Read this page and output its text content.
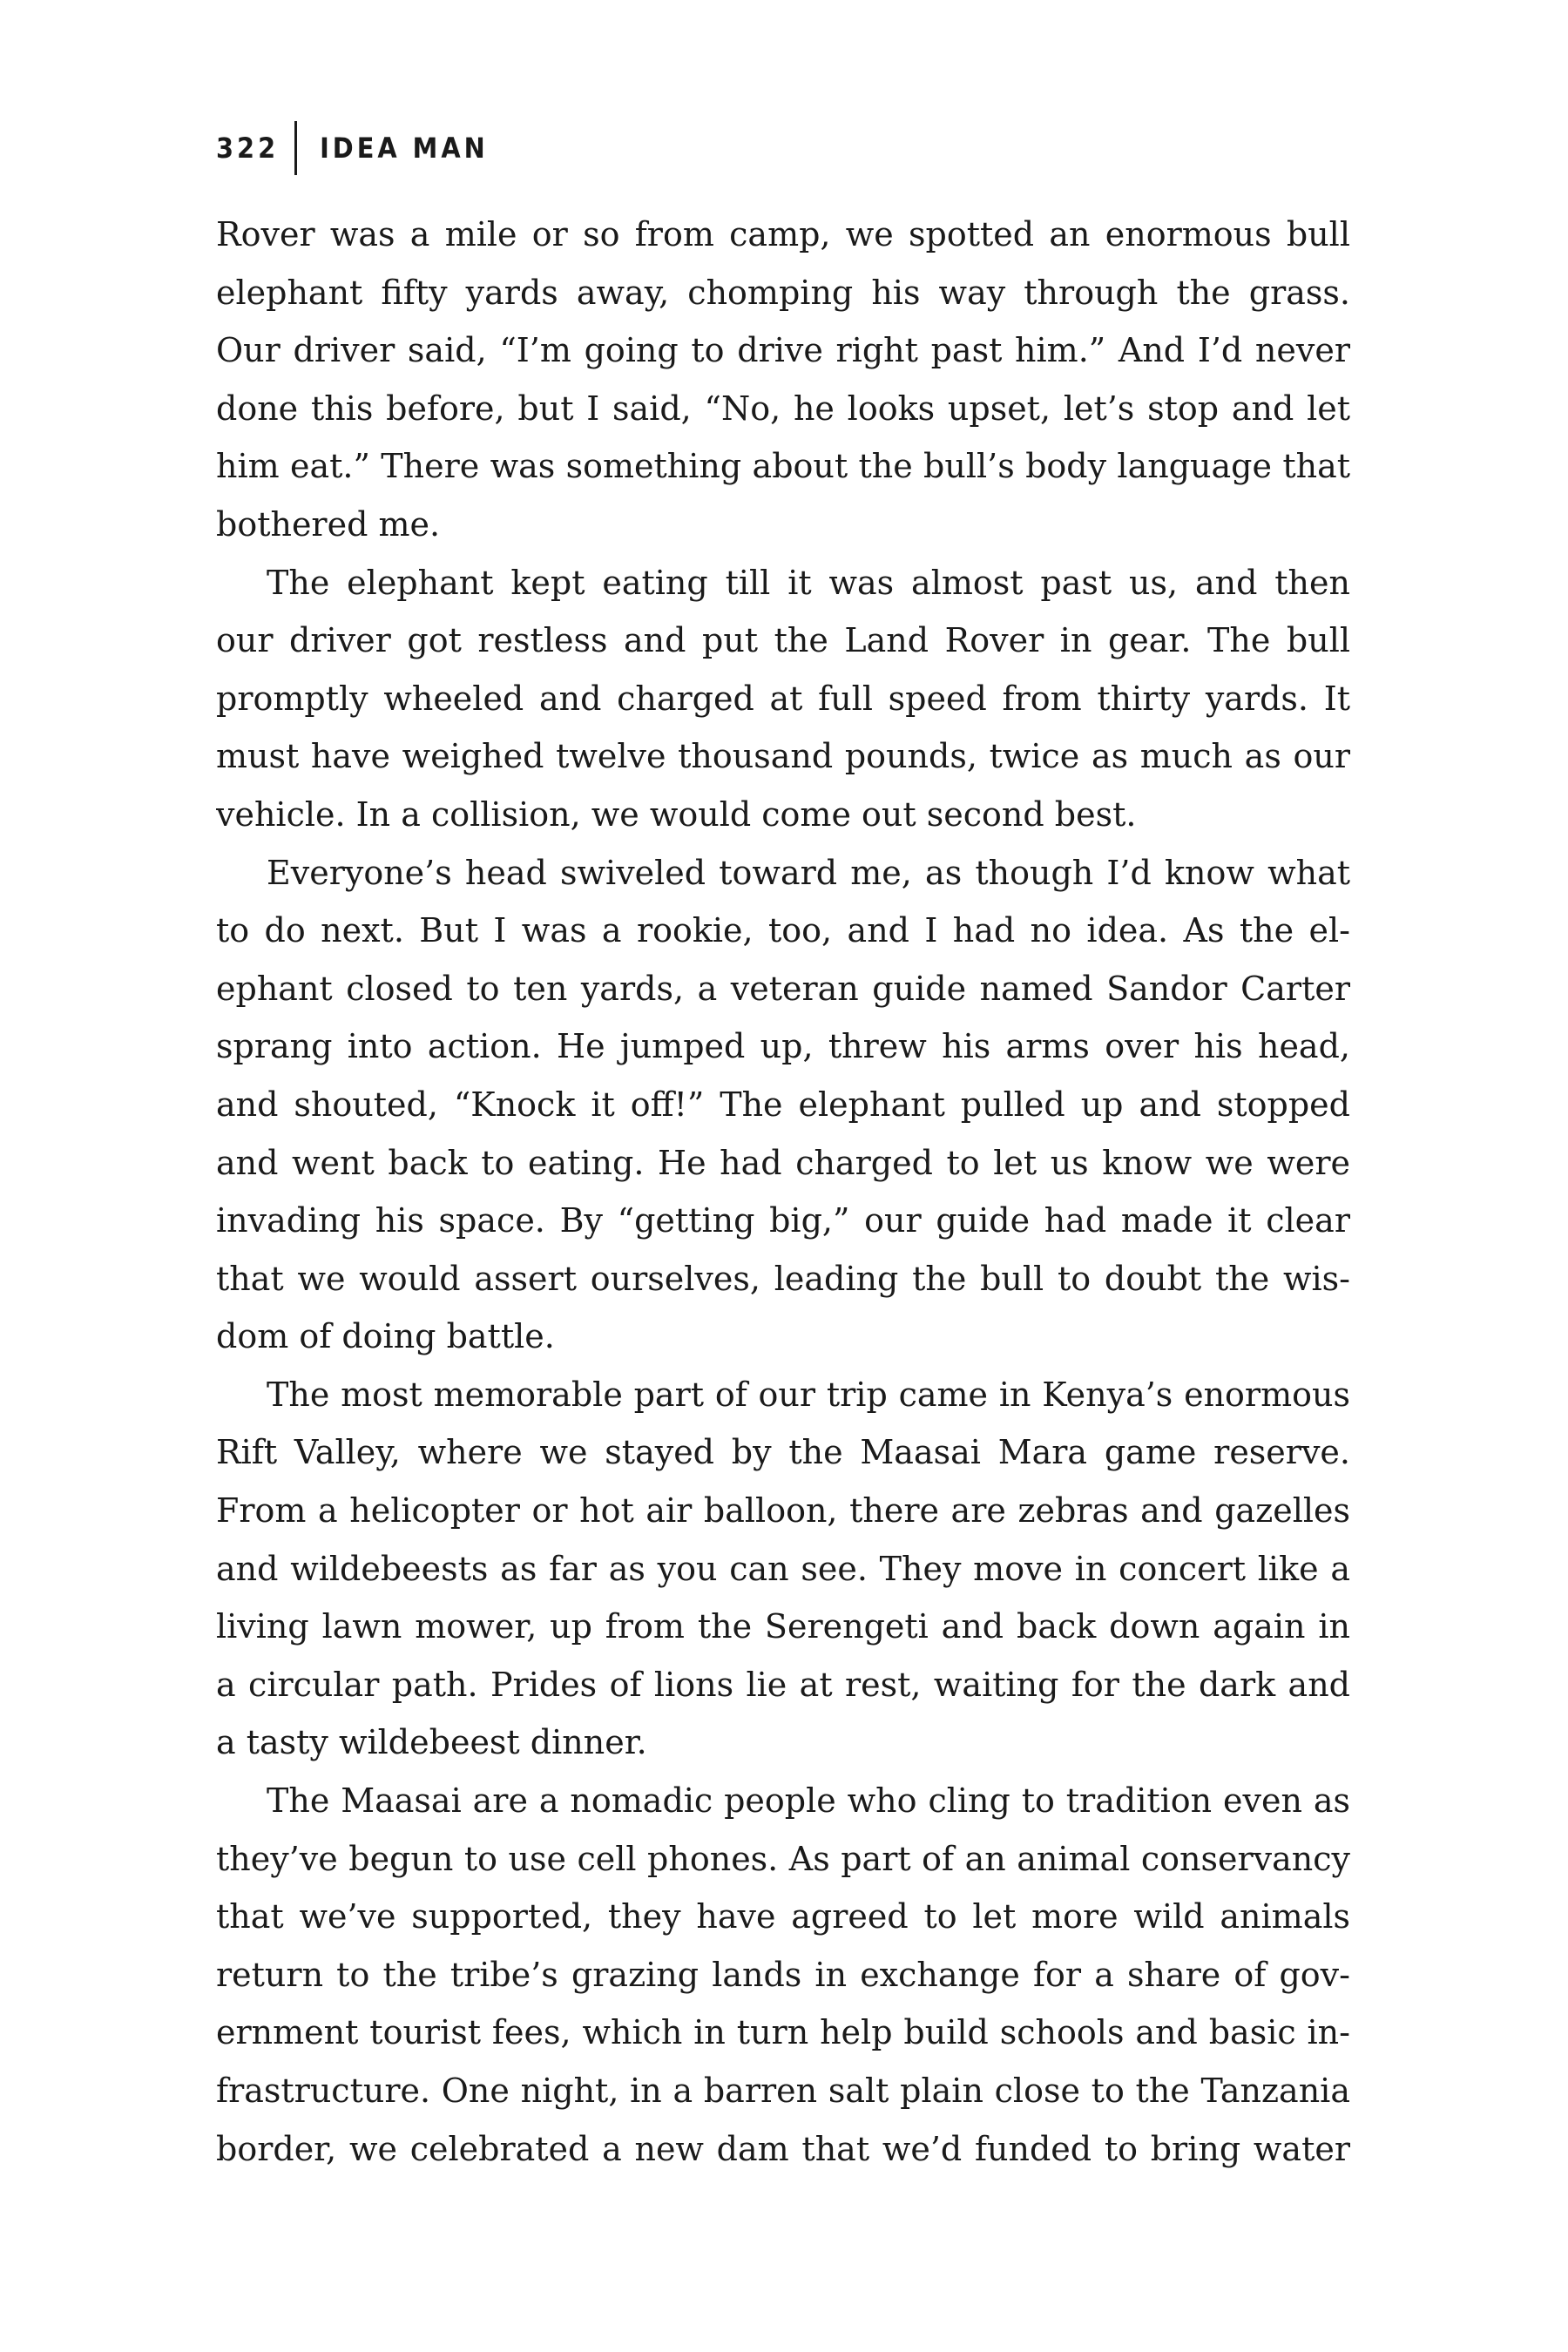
322 IDEA MAN
Rover was a mile or so from camp, we spotted an enormous bull
elephant fifty yards away, chomping his way through the grass.
Our driver said, “I’m going to drive right past him.” And I’d never
done this before, but I said, “No, he looks upset, let’s stop and let
him eat.” There was something about the bull’s body language that
bothered me.
The elephant kept eating till it was almost past us, and then
our driver got restless and put the Land Rover in gear. The bull
promptly wheeled and charged at full speed from thirty yards. It
must have weighed twelve thousand pounds, twice as much as our
vehicle. In a collision, we would come out second best.
Everyone’s head swiveled toward me, as though I’d know what
to do next. But I was a rookie, too, and I had no idea. As the el-
ephant closed to ten yards, a veteran guide named Sandor Carter
sprang into action. He jumped up, threw his arms over his head,
and shouted, “Knock it off!” The elephant pulled up and stopped
and went back to eating. He had charged to let us know we were
invading his space. By “getting big,” our guide had made it clear
that we would assert ourselves, leading the bull to doubt the wis-
dom of doing battle.
The most memorable part of our trip came in Kenya’s enormous
Rift Valley, where we stayed by the Maasai Mara game reserve.
From a helicopter or hot air balloon, there are zebras and gazelles
and wildebeests as far as you can see. They move in concert like a
living lawn mower, up from the Serengeti and back down again in
a circular path. Prides of lions lie at rest, waiting for the dark and
a tasty wildebeest dinner.
The Maasai are a nomadic people who cling to tradition even as
they’ve begun to use cell phones. As part of an animal conservancy
that we’ve supported, they have agreed to let more wild animals
return to the tribe’s grazing lands in exchange for a share of gov-
ernment tourist fees, which in turn help build schools and basic in-
frastructure. One night, in a barren salt plain close to the Tanzania
border, we celebrated a new dam that we’d funded to bring water
